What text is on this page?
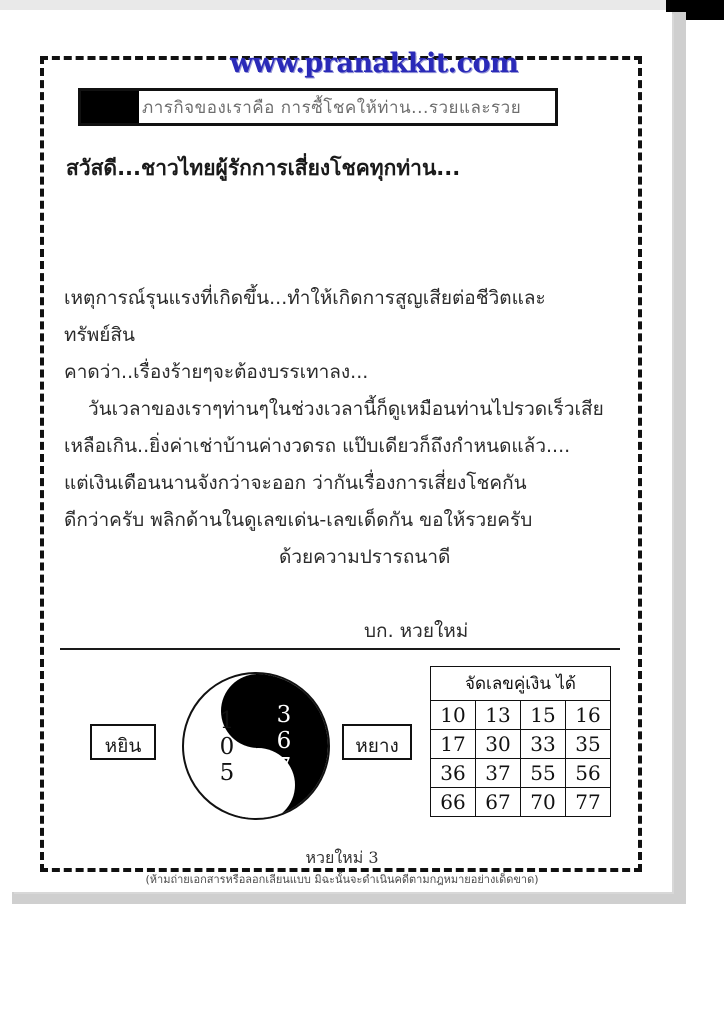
www.pranakkit.com
ภารกิจของเราคือ การซื้โชคให้ท่าน...รวยและรวย
สวัสดี...ชาวไทยผู้รักการเสี่ยงโชคทุกท่าน...

เหตุการณ์รุนแรงที่เกิดขึ้น...ทำให้เกิดการสูญเสียต่อชีวิตและทรัพย์สิน

คาดว่า..เรื่องร้ายๆจะต้องบรรเทาลง...

วันเวลาของเราๆท่านๆในช่วงเวลานี้ก็ดูเหมือนท่านไปรวดเร็วเสีย

เหลือเกิน..ยิ่งค่าเช่าบ้านค่างวดรถ แป๊บเดียวก็ถึงกำหนดแล้ว....

แต่เงินเดือนนานจังกว่าจะออก ว่ากันเรื่องการเสี่ยงโชคกัน

ดีกว่าครับ พลิกด้านในดูเลขเด่น-เลขเด็ดกัน ขอให้รวยครับ

ด้วยความปรารถนาดี

บก. หวยใหม่

หยิน
1
0
5
3
6
7
หยาง
จัดเลขคู่เงิน ได้			
10	13	15	16
17	30	33	35
36	37	55	56
66	67	70	77
หวยใหม่ 3
(ห้ามถ่ายเอกสารหรือลอกเลียนแบบ มิฉะนั้นจะดำเนินคดีตามกฎหมายอย่างเด็ดขาด)
